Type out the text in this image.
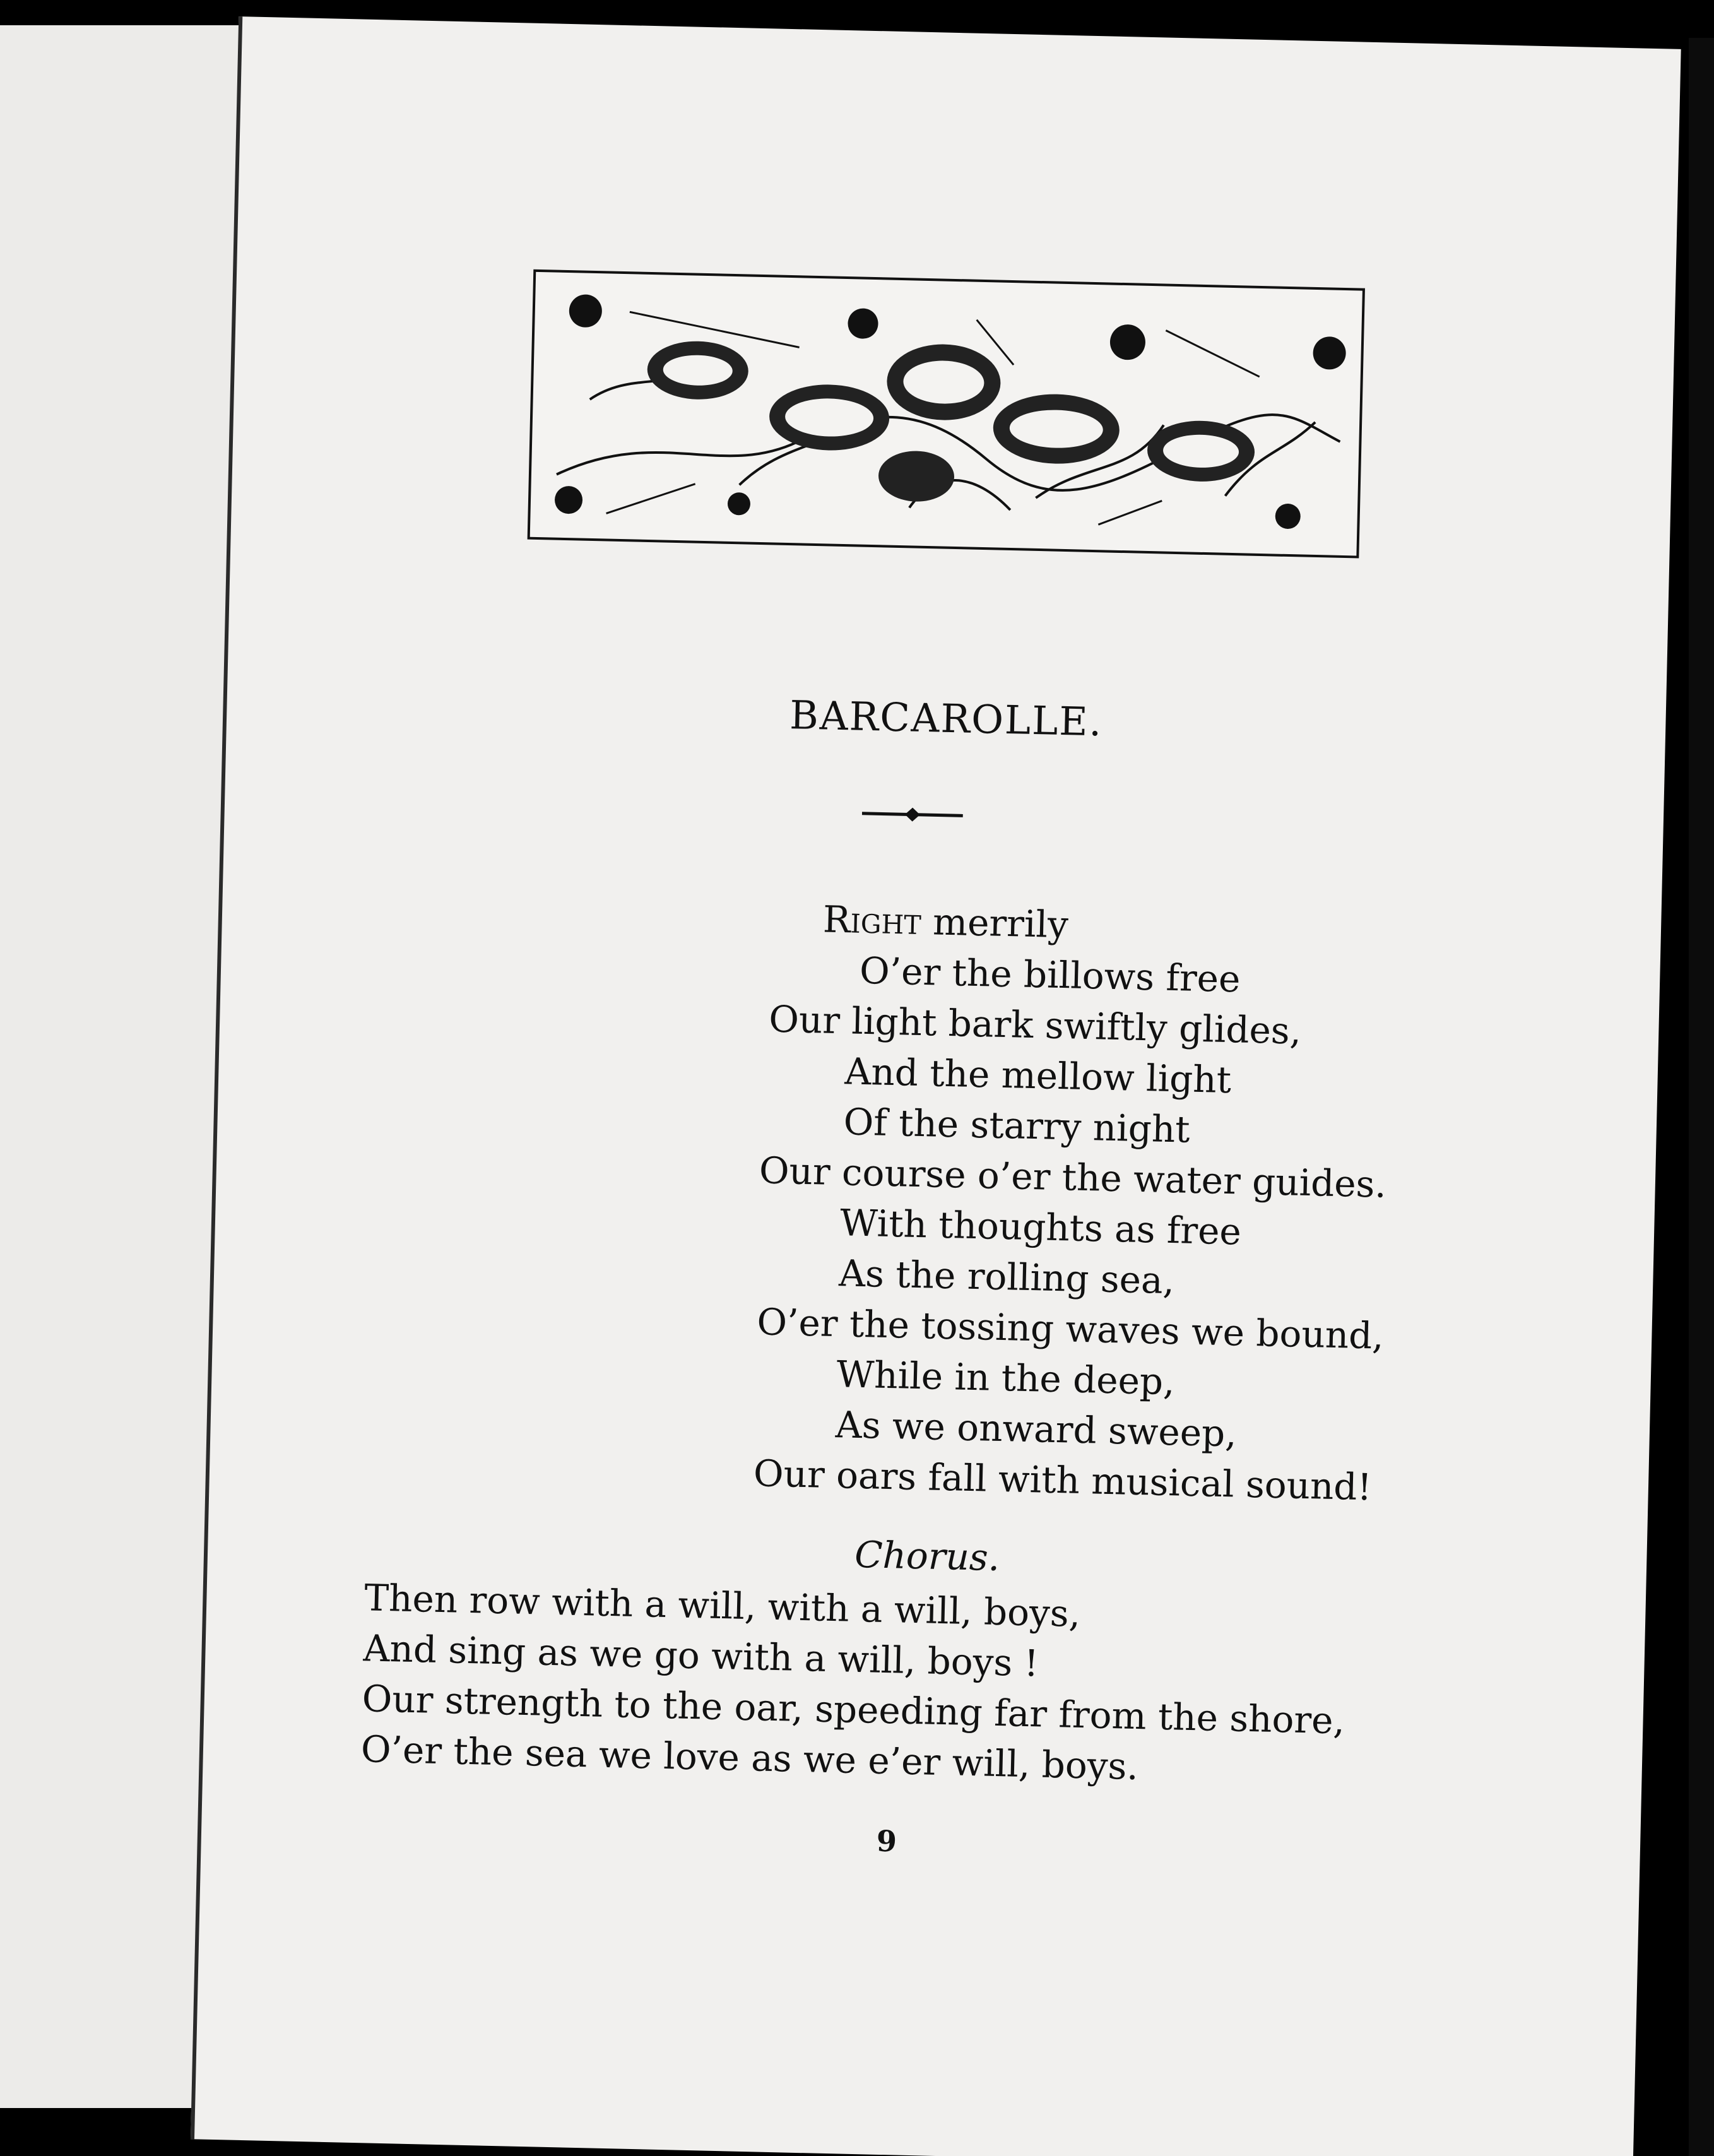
BARCAROLLE.
Right merrily
O’er the billows free
Our light bark swiftly glides,
And the mellow light
Of the starry night
Our course o’er the water guides.
With thoughts as free
As the rolling sea,
O’er the tossing waves we bound,
While in the deep,
As we onward sweep,
Our oars fall with musical sound!
Chorus.
Then row with a will, with a will, boys,
And sing as we go with a will, boys !
Our strength to the oar, speeding far from the shore,
O’er the sea we love as we e’er will, boys.
9
